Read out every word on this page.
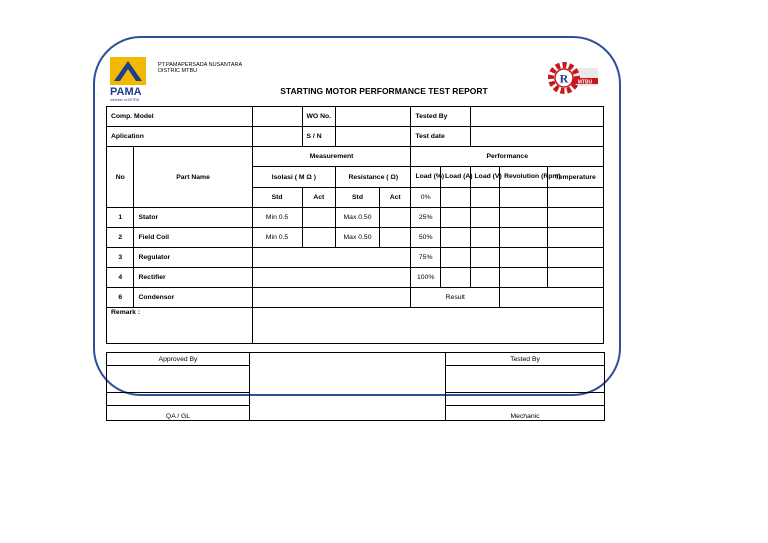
PAMA
member of ASTRA
PT.PAMAPERSADA NUSANTARA
DISTRIC MTBU
STARTING MOTOR PERFORMANCE TEST REPORT
R MTBU
Comp. Model			WO No.			Tested By				
Aplication			S / N			Test date				
No	Part Name	Measurement				Performance				
		Isolasi ( M Ω )		Resistance ( Ω)		Load (%)	Load (A)	Load (V)	Revolution (Rpm)	Temperature
		Std	Act	Std	Act	0%				
1	Stator	Min 0.5		Max 0.50		25%				
2	Field Coil	Min 0.5		Max 0.50		50%				
3	Regulator					75%				
4	Rectifier					100%				
6	Condensor					Result				
Remark :										
Approved By		Tested By

QA / GL		Mechanic
